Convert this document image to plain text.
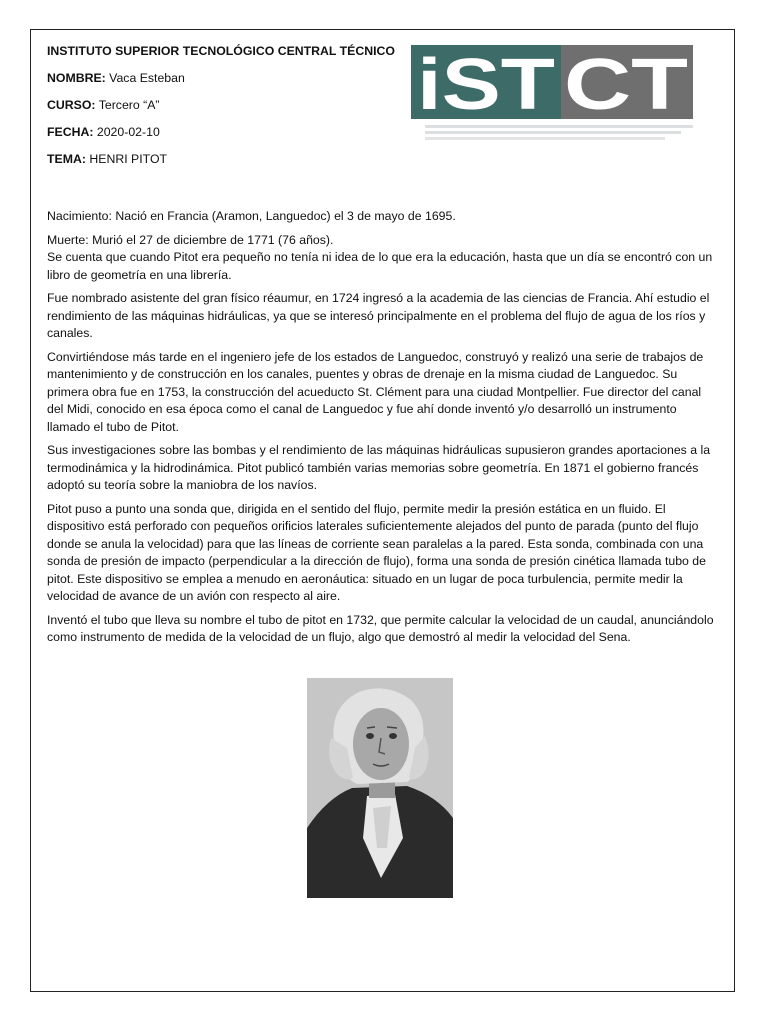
INSTITUTO SUPERIOR TECNOLÓGICO CENTRAL TÉCNICO
NOMBRE: Vaca Esteban
CURSO: Tercero “A”
FECHA: 2020-02-10
TEMA: HENRI PITOT
iST CT

Nacimiento: Nació en Francia (Aramon, Languedoc) el 3 de mayo de 1695.

Muerte: Murió el 27 de diciembre de 1771 (76 años).

Se cuenta que cuando Pitot era pequeño no tenía ni idea de lo que era la educación, hasta que un día se encontró con un libro de geometría en una librería.

Fue nombrado asistente del gran físico réaumur, en 1724 ingresó a la academia de las ciencias de Francia. Ahí estudio el rendimiento de las máquinas hidráulicas, ya que se interesó principalmente en el problema del flujo de agua de los ríos y canales.

Convirtiéndose más tarde en el ingeniero jefe de los estados de Languedoc, construyó y realizó una serie de trabajos de mantenimiento y de construcción en los canales, puentes y obras de drenaje en la misma ciudad de Languedoc. Su primera obra fue en 1753, la construcción del acueducto St. Clément para una ciudad Montpellier. Fue director del canal del Midi, conocido en esa época como el canal de Languedoc y fue ahí donde inventó y/o desarrolló un instrumento llamado el tubo de Pitot.

Sus investigaciones sobre las bombas y el rendimiento de las máquinas hidráulicas supusieron grandes aportaciones a la termodinámica y la hidrodinámica. Pitot publicó también varias memorias sobre geometría. En 1871 el gobierno francés adoptó su teoría sobre la maniobra de los navíos.

Pitot puso a punto una sonda que, dirigida en el sentido del flujo, permite medir la presión estática en un fluido. El dispositivo está perforado con pequeños orificios laterales suficientemente alejados del punto de parada (punto del flujo donde se anula la velocidad) para que las líneas de corriente sean paralelas a la pared. Esta sonda, combinada con una sonda de presión de impacto (perpendicular a la dirección de flujo), forma una sonda de presión cinética llamada tubo de pitot. Este dispositivo se emplea a menudo en aeronáutica: situado en un lugar de poca turbulencia, permite medir la velocidad de avance de un avión con respecto al aire.

Inventó el tubo que lleva su nombre el tubo de pitot en 1732, que permite calcular la velocidad de un caudal, anunciándolo como instrumento de medida de la velocidad de un flujo, algo que demostró al medir la velocidad del Sena.
